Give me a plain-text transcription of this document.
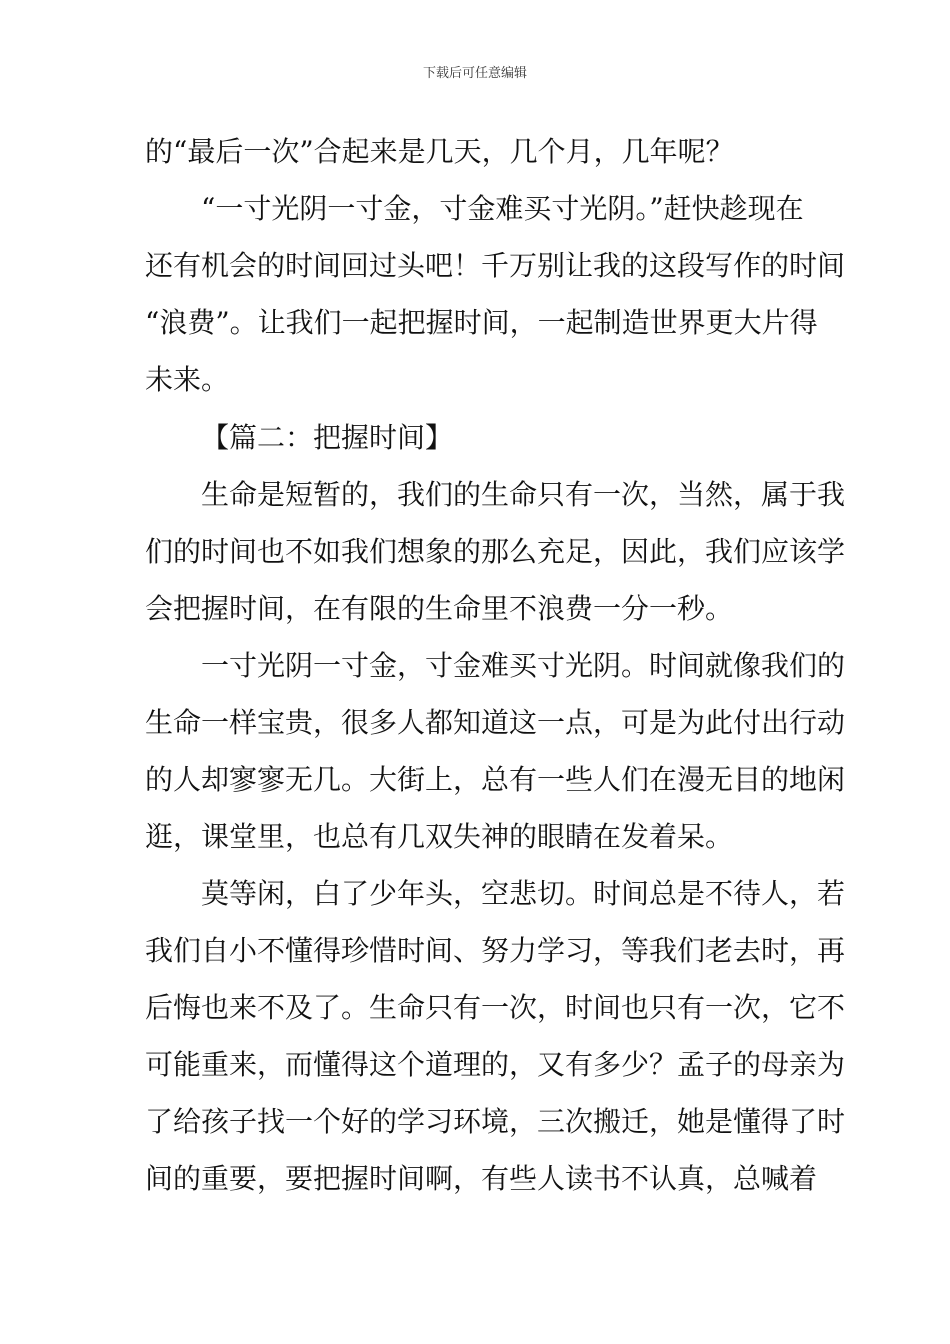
下载后可任意编辑
的“最后一次”合起来是几天，几个月，几年呢？
“一寸光阴一寸金，寸金难买寸光阴。”赶快趁现在
还有机会的时间回过头吧！千万别让我的这段写作的时间
“浪费”。让我们一起把握时间，一起制造世界更大片得
未来。
【篇二：把握时间】
生命是短暂的，我们的生命只有一次，当然，属于我
们的时间也不如我们想象的那么充足，因此，我们应该学
会把握时间，在有限的生命里不浪费一分一秒。
一寸光阴一寸金，寸金难买寸光阴。时间就像我们的
生命一样宝贵，很多人都知道这一点，可是为此付出行动
的人却寥寥无几。大街上，总有一些人们在漫无目的地闲
逛，课堂里，也总有几双失神的眼睛在发着呆。
莫等闲，白了少年头，空悲切。时间总是不待人，若
我们自小不懂得珍惜时间、努力学习，等我们老去时，再
后悔也来不及了。生命只有一次，时间也只有一次，它不
可能重来，而懂得这个道理的，又有多少？孟子的母亲为
了给孩子找一个好的学习环境，三次搬迁，她是懂得了时
间的重要，要把握时间啊，有些人读书不认真，总喊着
